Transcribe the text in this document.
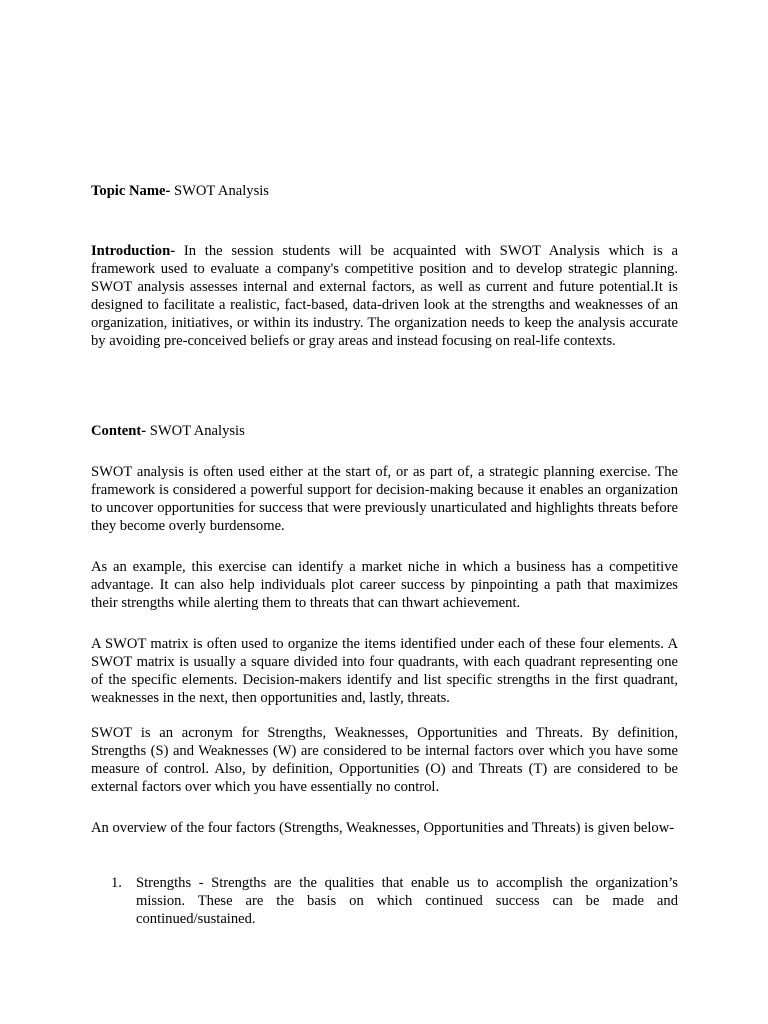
Topic Name- SWOT Analysis

Introduction- In the session students will be acquainted with SWOT Analysis which is a framework used to evaluate a company's competitive position and to develop strategic planning. SWOT analysis assesses internal and external factors, as well as current and future potential.It is designed to facilitate a realistic, fact-based, data-driven look at the strengths and weaknesses of an organization, initiatives, or within its industry. The organization needs to keep the analysis accurate by avoiding pre-conceived beliefs or gray areas and instead focusing on real-life contexts.

Content- SWOT Analysis

SWOT analysis is often used either at the start of, or as part of, a strategic planning exercise. The framework is considered a powerful support for decision-making because it enables an organization to uncover opportunities for success that were previously unarticulated and highlights threats before they become overly burdensome.

As an example, this exercise can identify a market niche in which a business has a competitive advantage. It can also help individuals plot career success by pinpointing a path that maximizes their strengths while alerting them to threats that can thwart achievement.

A SWOT matrix is often used to organize the items identified under each of these four elements. A SWOT matrix is usually a square divided into four quadrants, with each quadrant representing one of the specific elements. Decision-makers identify and list specific strengths in the first quadrant, weaknesses in the next, then opportunities and, lastly, threats.

SWOT is an acronym for Strengths, Weaknesses, Opportunities and Threats. By definition, Strengths (S) and Weaknesses (W) are considered to be internal factors over which you have some measure of control. Also, by definition, Opportunities (O) and Threats (T) are considered to be external factors over which you have essentially no control.

An overview of the four factors (Strengths, Weaknesses, Opportunities and Threats) is given below-

1. Strengths - Strengths are the qualities that enable us to accomplish the organization’s mission. These are the basis on which continued success can be made and continued/sustained.
